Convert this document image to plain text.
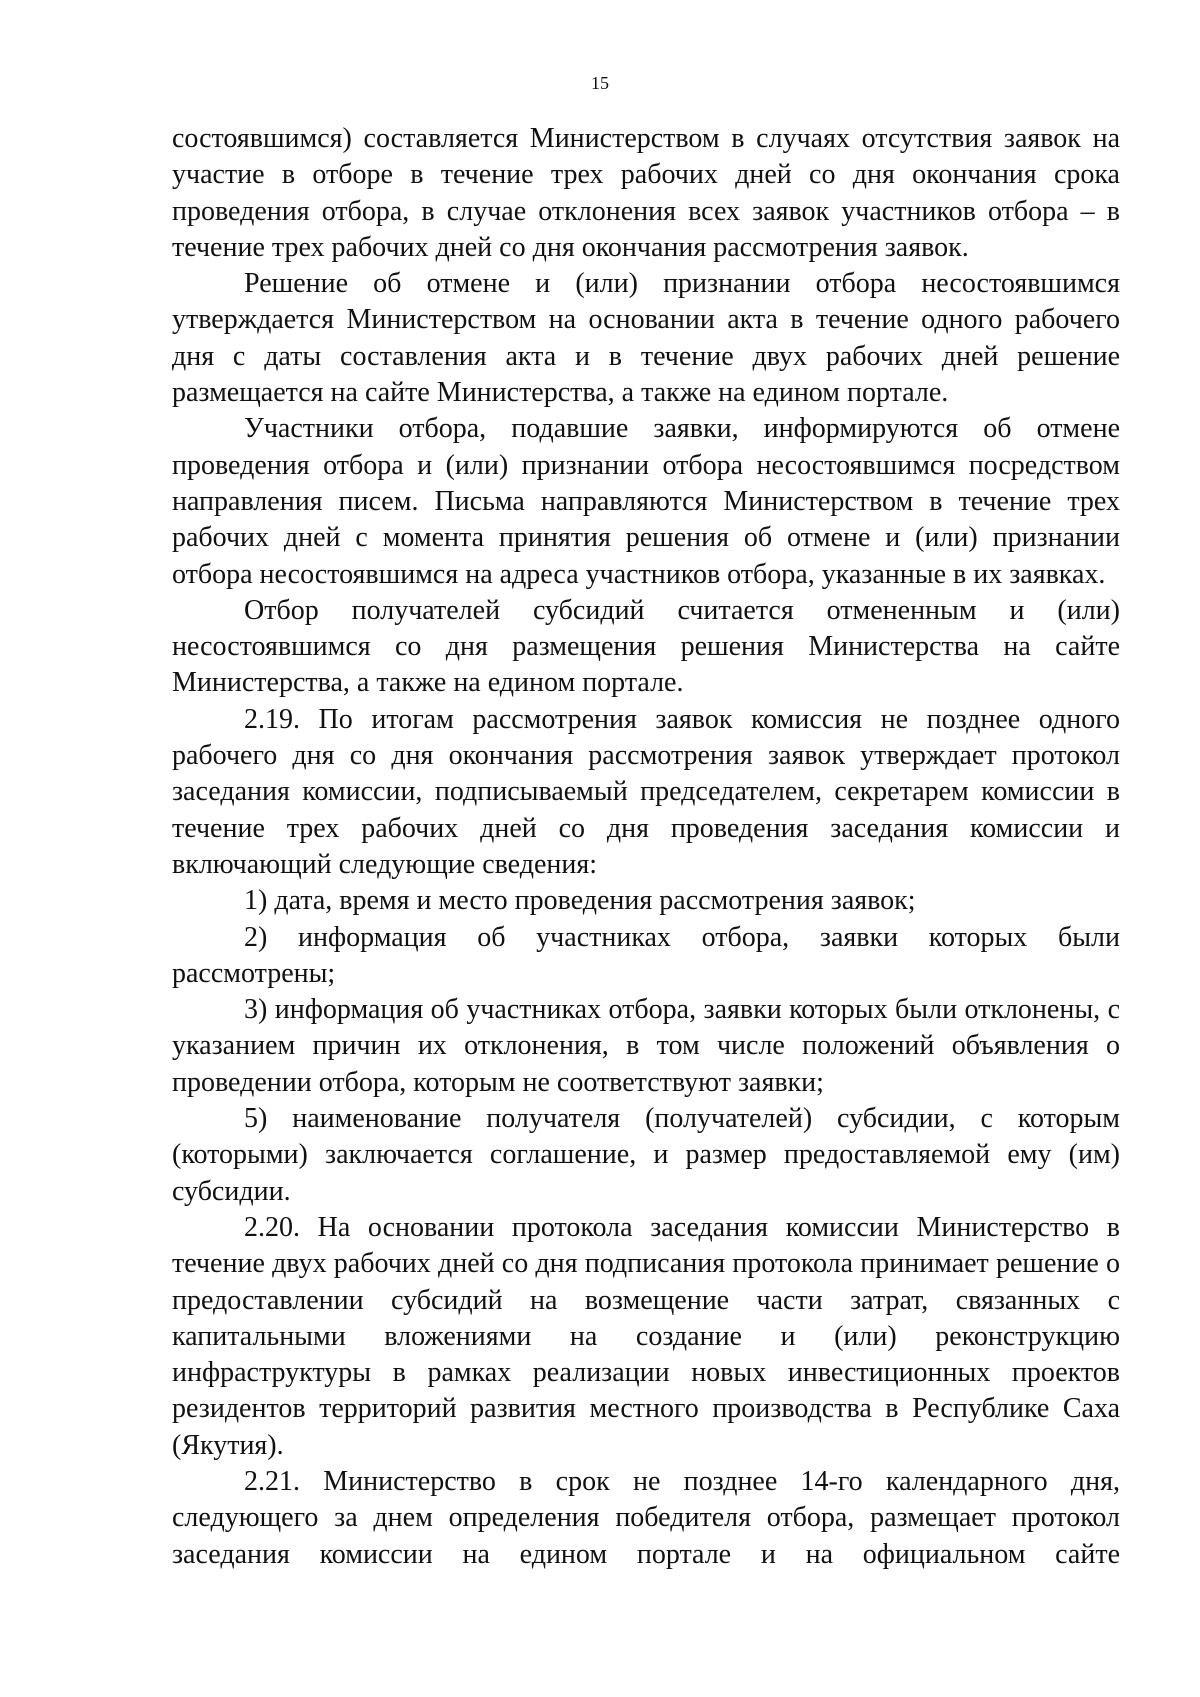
15

состоявшимся) составляется Министерством в случаях отсутствия заявок на участие в отборе в течение трех рабочих дней со дня окончания срока проведения отбора, в случае отклонения всех заявок участников отбора – в течение трех рабочих дней со дня окончания рассмотрения заявок.

Решение об отмене и (или) признании отбора несостоявшимся утверждается Министерством на основании акта в течение одного рабочего дня с даты составления акта и в течение двух рабочих дней решение размещается на сайте Министерства, а также на едином портале.

Участники отбора, подавшие заявки, информируются об отмене проведения отбора и (или) признании отбора несостоявшимся посредством направления писем. Письма направляются Министерством в течение трех рабочих дней с момента принятия решения об отмене и (или) признании отбора несостоявшимся на адреса участников отбора, указанные в их заявках.

Отбор получателей субсидий считается отмененным и (или) несостоявшимся со дня размещения решения Министерства на сайте Министерства, а также на едином портале.

2.19. По итогам рассмотрения заявок комиссия не позднее одного рабочего дня со дня окончания рассмотрения заявок утверждает протокол заседания комиссии, подписываемый председателем, секретарем комиссии в течение трех рабочих дней со дня проведения заседания комиссии и включающий следующие сведения:

1) дата, время и место проведения рассмотрения заявок;

2) информация об участниках отбора, заявки которых были рассмотрены;

3) информация об участниках отбора, заявки которых были отклонены, с указанием причин их отклонения, в том числе положений объявления о проведении отбора, которым не соответствуют заявки;

5) наименование получателя (получателей) субсидии, с которым (которыми) заключается соглашение, и размер предоставляемой ему (им) субсидии.

2.20. На основании протокола заседания комиссии Министерство в течение двух рабочих дней со дня подписания протокола принимает решение о предоставлении субсидий на возмещение части затрат, связанных с капитальными вложениями на создание и (или) реконструкцию инфраструктуры в рамках реализации новых инвестиционных проектов резидентов территорий развития местного производства в Республике Саха (Якутия).

2.21. Министерство в срок не позднее 14-го календарного дня, следующего за днем определения победителя отбора, размещает протокол заседания комиссии на едином портале и на официальном сайте
